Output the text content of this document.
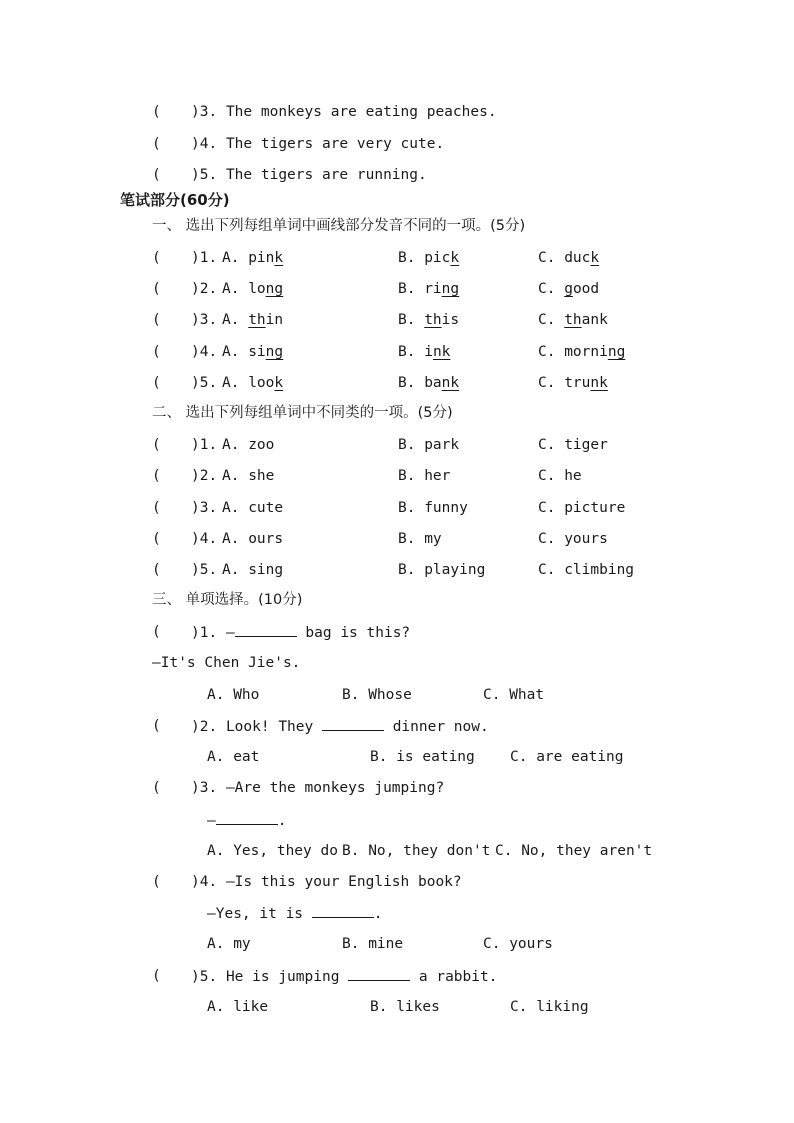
( )3. The monkeys are eating peaches.
( )4. The tigers are very cute.
( )5. The tigers are running.
笔试部分(60分)
一、 选出下列每组单词中画线部分发音不同的一项。(5分)
( )1. A. pink	B. pick	C. duck
( )2. A. long	B. ring	C. good
( )3. A. thin	B. this	C. thank
( )4. A. sing	B. ink	C. morning
( )5. A. look	B. bank	C. trunk
二、 选出下列每组单词中不同类的一项。(5分)
( )1. A. zoo	B. park	C. tiger
( )2. A. she	B. her	C. he
( )3. A. cute	B. funny	C. picture
( )4. A. ours	B. my	C. yours
( )5. A. sing	B. playing	C. climbing
三、 单项选择。(10分)
( )1. —	bag is this?
—It's Chen Jie's.
A. Who	B. Whose	C. What
( )2. Look! They	dinner now.
A. eat	B. is eating C. are eating
( )3. —Are the monkeys jumping?
—	.
A. Yes, they do B. No, they don't C. No, they aren't
( )4. —Is this your English book?
—Yes, it is	.
A. my	B. mine	C. yours
( )5. He is jumping	a rabbit.
A. like	B. likes	C. liking
